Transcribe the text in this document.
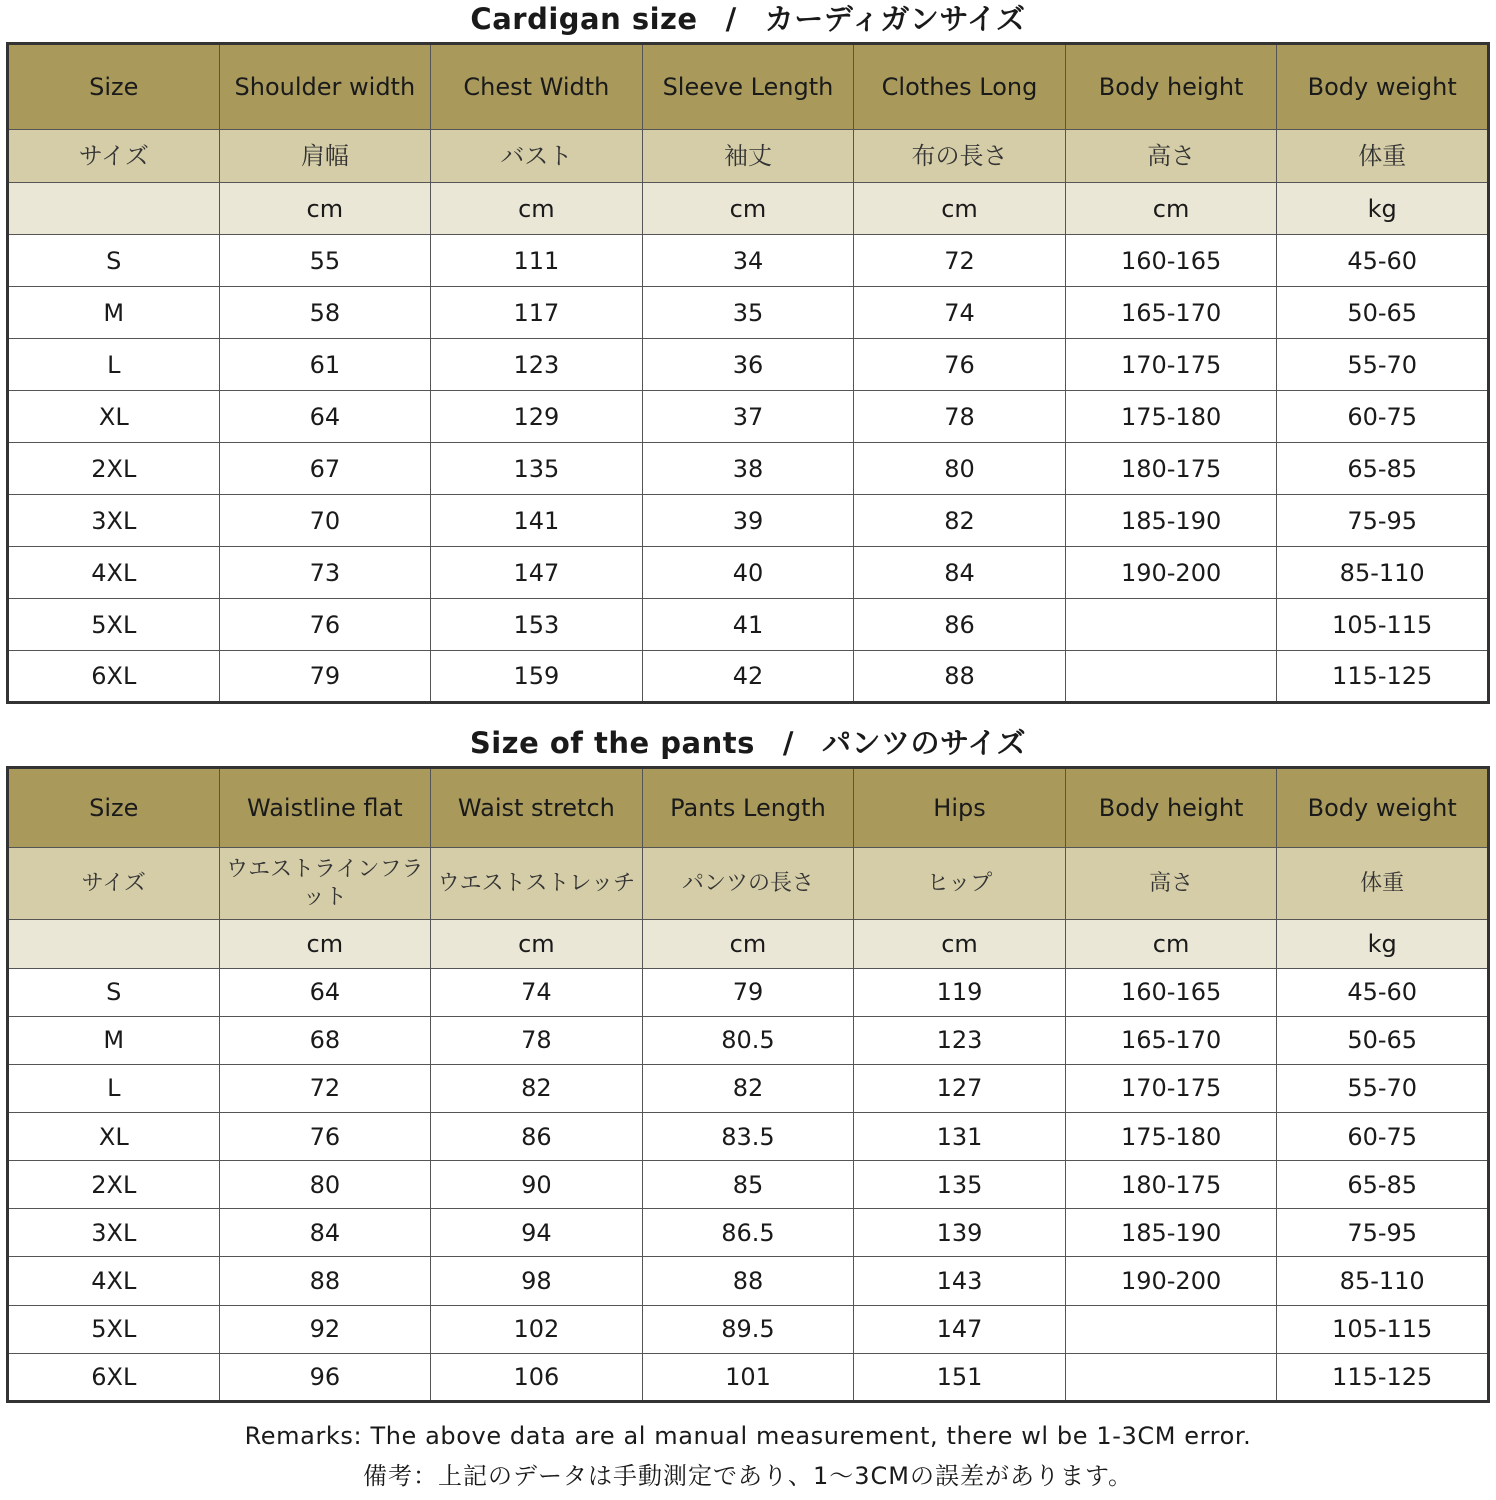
Cardigan size / カーディガンサイズ
Size	Shoulder width	Chest Width	Sleeve Length	Clothes Long	Body height	Body weight
サイズ	肩幅	バスト	袖丈	布の長さ	高さ	体重
	cm	cm	cm	cm	cm	kg
S	55	111	34	72	160-165	45-60
M	58	117	35	74	165-170	50-65
L	61	123	36	76	170-175	55-70
XL	64	129	37	78	175-180	60-75
2XL	67	135	38	80	180-175	65-85
3XL	70	141	39	82	185-190	75-95
4XL	73	147	40	84	190-200	85-110
5XL	76	153	41	86		105-115
6XL	79	159	42	88		115-125
Size of the pants / パンツのサイズ
Size	Waistline flat	Waist stretch	Pants Length	Hips	Body height	Body weight
サイズ	ウエストラインフラット	ウエストストレッチ	パンツの長さ	ヒップ	高さ	体重
	cm	cm	cm	cm	cm	kg
S	64	74	79	119	160-165	45-60
M	68	78	80.5	123	165-170	50-65
L	72	82	82	127	170-175	55-70
XL	76	86	83.5	131	175-180	60-75
2XL	80	90	85	135	180-175	65-85
3XL	84	94	86.5	139	185-190	75-95
4XL	88	98	88	143	190-200	85-110
5XL	92	102	89.5	147		105-115
6XL	96	106	101	151		115-125
Remarks: The above data are al manual measurement, there wl be 1-3CM error.
備考：上記のデータは手動測定であり、1～3CMの誤差があります。
